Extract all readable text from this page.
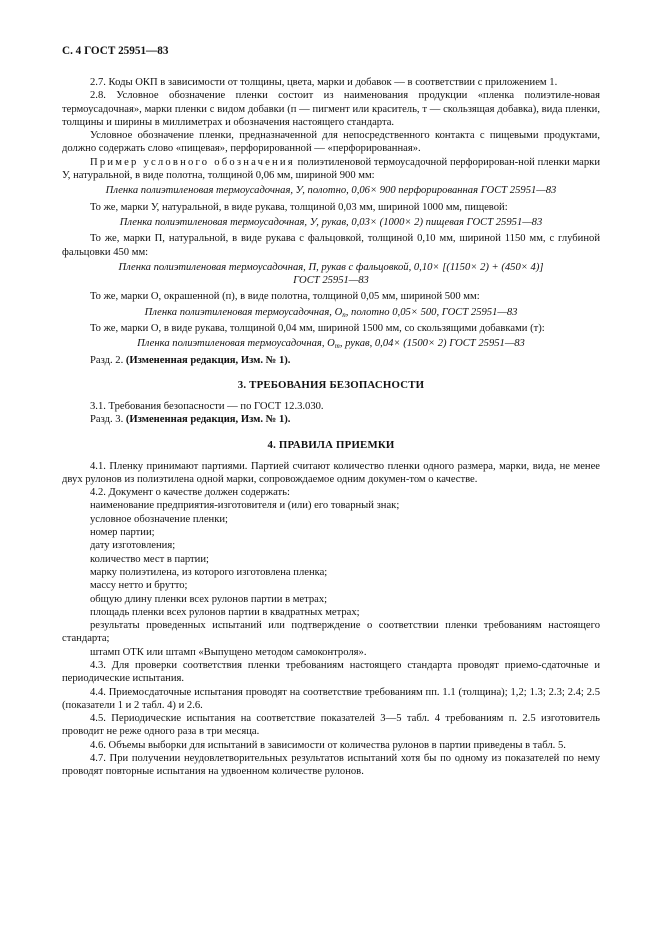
С. 4 ГОСТ 25951—83

2.7. Коды ОКП в зависимости от толщины, цвета, марки и добавок — в соответствии с приложением 1.

2.8. Условное обозначение пленки состоит из наименования продукции «пленка полиэтиле-новая термоусадочная», марки пленки с видом добавки (п — пигмент или краситель, т — скользящая добавка), вида пленки, толщины и ширины в миллиметрах и обозначения настоящего стандарта.

Условное обозначение пленки, предназначенной для непосредственного контакта с пищевыми продуктами, должно содержать слово «пищевая», перфорированной — «перфорированная».

Пример условного обозначения полиэтиленовой термоусадочной перфорирован-ной пленки марки У, натуральной, в виде полотна, толщиной 0,06 мм, шириной 900 мм:

Пленка полиэтиленовая термоусадочная, У, полотно, 0,06× 900 перфорированная ГОСТ 25951—83

То же, марки У, натуральной, в виде рукава, толщиной 0,03 мм, шириной 1000 мм, пищевой:

Пленка полиэтиленовая термоусадочная, У, рукав, 0,03× (1000× 2) пищевая ГОСТ 25951—83

То же, марки П, натуральной, в виде рукава с фальцовкой, толщиной 0,10 мм, шириной 1150 мм, с глубиной фальцовки 450 мм:

Пленка полиэтиленовая термоусадочная, П, рукав с фальцовкой, 0,10× [(1150× 2) + (450× 4)]
ГОСТ 25951—83

То же, марки О, окрашенной (п), в виде полотна, толщиной 0,05 мм, шириной 500 мм:

Пленка полиэтиленовая термоусадочная, $О_п$, полотно 0,05× 500, ГОСТ 25951—83

То же, марки О, в виде рукава, толщиной 0,04 мм, шириной 1500 мм, со скользящими добавками (т):

Пленка полиэтиленовая термоусадочная, $О_т$, рукав, 0,04× (1500× 2) ГОСТ 25951—83

Разд. 2. (Измененная редакция, Изм. № 1).

3. ТРЕБОВАНИЯ БЕЗОПАСНОСТИ

3.1. Требования безопасности — по ГОСТ 12.3.030.

Разд. 3. (Измененная редакция, Изм. № 1).

4. ПРАВИЛА ПРИЕМКИ

4.1. Пленку принимают партиями. Партией считают количество пленки одного размера, марки, вида, не менее двух рулонов из полиэтилена одной марки, сопровождаемое одним докумен-том о качестве.

4.2. Документ о качестве должен содержать:

наименование предприятия-изготовителя и (или) его товарный знак;

условное обозначение пленки;

номер партии;

дату изготовления;

количество мест в партии;

марку полиэтилена, из которого изготовлена пленка;

массу нетто и брутто;

общую длину пленки всех рулонов партии в метрах;

площадь пленки всех рулонов партии в квадратных метрах;

результаты проведенных испытаний или подтверждение о соответствии пленки требованиям настоящего стандарта;

штамп ОТК или штамп «Выпущено методом самоконтроля».

4.3. Для проверки соответствия пленки требованиям настоящего стандарта проводят приемо-сдаточные и периодические испытания.

4.4. Приемосдаточные испытания проводят на соответствие требованиям пп. 1.1 (толщина); 1,2; 1.3; 2.3; 2.4; 2.5 (показатели 1 и 2 табл. 4) и 2.6.

4.5. Периодические испытания на соответствие показателей 3—5 табл. 4 требованиям п. 2.5 изготовитель проводит не реже одного раза в три месяца.

4.6. Объемы выборки для испытаний в зависимости от количества рулонов в партии приведены в табл. 5.

4.7. При получении неудовлетворительных результатов испытаний хотя бы по одному из показателей по нему проводят повторные испытания на удвоенном количестве рулонов.
